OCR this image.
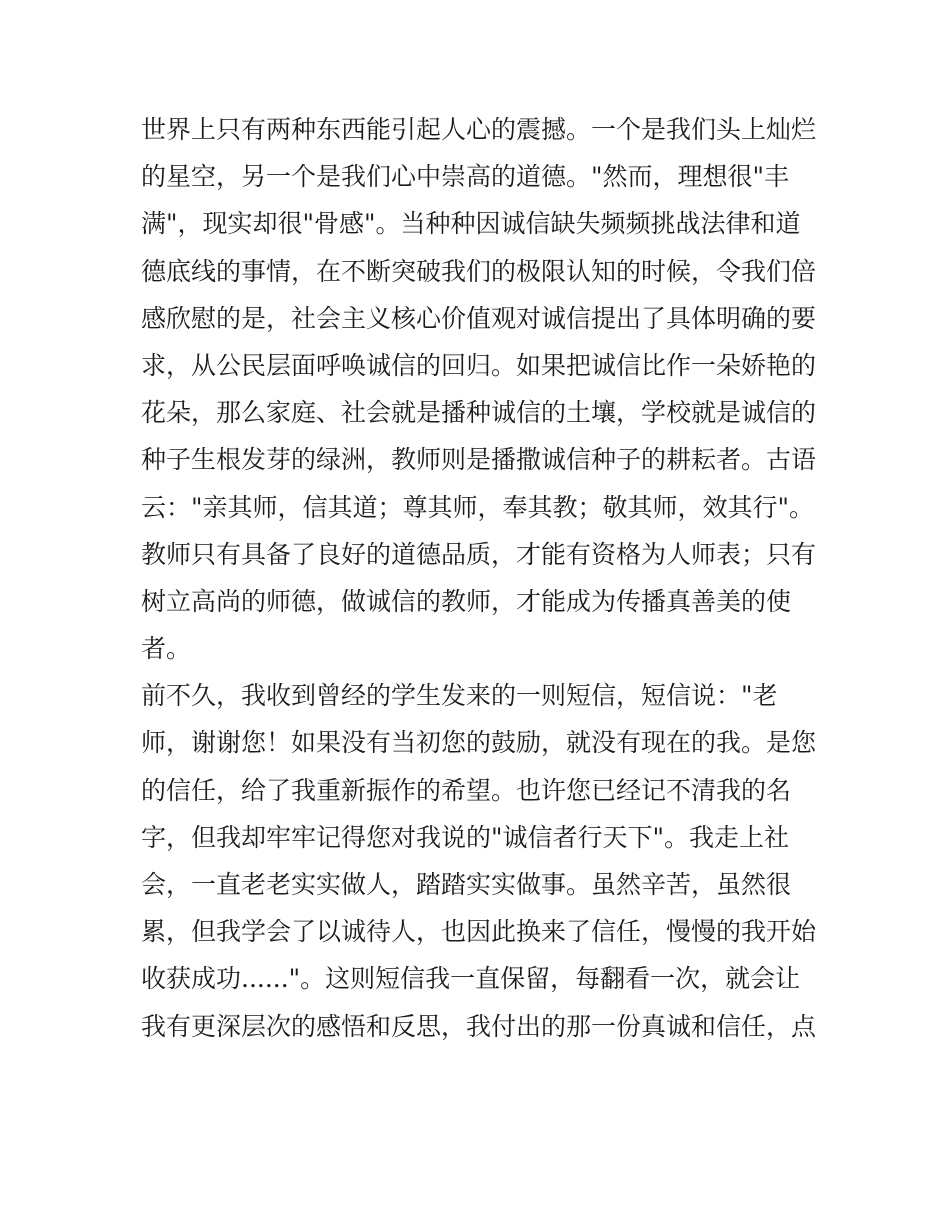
世界上只有两种东西能引起人心的震撼。一个是我们头上灿烂
的星空，另一个是我们心中崇高的道德。"然而，理想很"丰
满"，现实却很"骨感"。当种种因诚信缺失频频挑战法律和道
德底线的事情，在不断突破我们的极限认知的时候，令我们倍
感欣慰的是，社会主义核心价值观对诚信提出了具体明确的要
求，从公民层面呼唤诚信的回归。如果把诚信比作一朵娇艳的
花朵，那么家庭、社会就是播种诚信的土壤，学校就是诚信的
种子生根发芽的绿洲，教师则是播撒诚信种子的耕耘者。古语
云："亲其师，信其道；尊其师，奉其教；敬其师，效其行"。
教师只有具备了良好的道德品质，才能有资格为人师表；只有
树立高尚的师德，做诚信的教师，才能成为传播真善美的使
者。
前不久，我收到曾经的学生发来的一则短信，短信说："老
师，谢谢您！如果没有当初您的鼓励，就没有现在的我。是您
的信任，给了我重新振作的希望。也许您已经记不清我的名
字，但我却牢牢记得您对我说的"诚信者行天下"。我走上社
会，一直老老实实做人，踏踏实实做事。虽然辛苦，虽然很
累，但我学会了以诚待人，也因此换来了信任，慢慢的我开始
收获成功......"。这则短信我一直保留，每翻看一次，就会让
我有更深层次的感悟和反思，我付出的那一份真诚和信任，点
